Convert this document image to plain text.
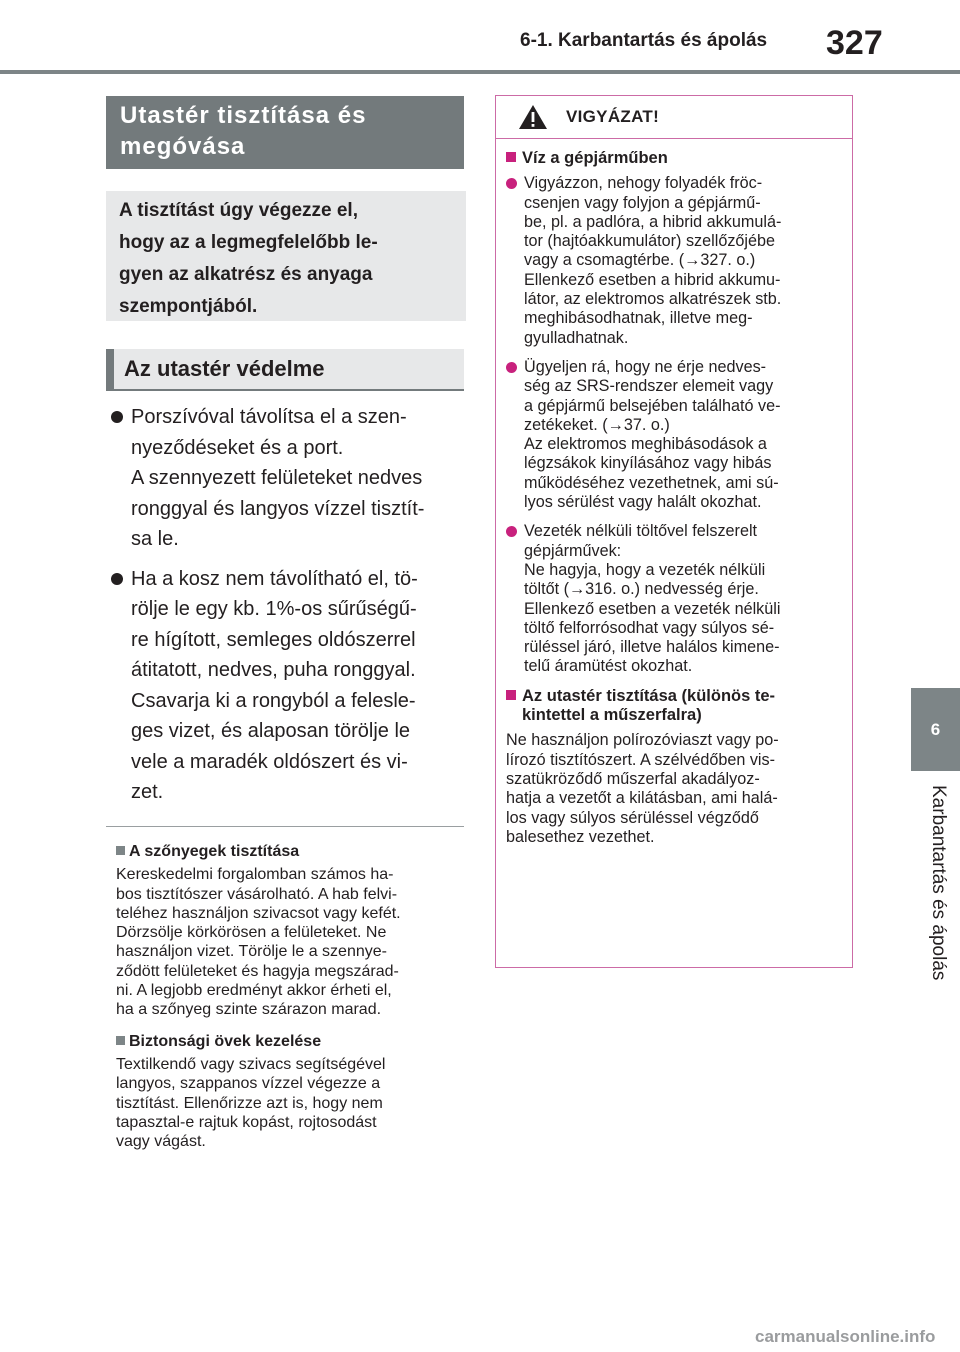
6-1. Karbantartás és ápolás 327
6
Karbantartás és ápolás
Utastér tisztítása és
megóvása
A tisztítást úgy végezze el,
hogy az a legmegfelelőbb le-
gyen az alkatrész és anyaga
szempontjából.
Az utastér védelme
Porszívóval távolítsa el a szen-
nyeződéseket és a port.
A szennyezett felületeket nedves
ronggyal és langyos vízzel tisztít-
sa le.
Ha a kosz nem távolítható el, tö-
rölje le egy kb. 1%-os sűrűségű-
re hígított, semleges oldószerrel
átitatott, nedves, puha ronggyal.
Csavarja ki a rongyból a felesle-
ges vizet, és alaposan törölje le
vele a maradék oldószert és vi-
zet.
A szőnyegek tisztítása
Kereskedelmi forgalomban számos ha-
bos tisztítószer vásárolható. A hab felvi-
teléhez használjon szivacsot vagy kefét.
Dörzsölje körkörösen a felületeket. Ne
használjon vizet. Törölje le a szennye-
ződött felületeket és hagyja megszárad-
ni. A legjobb eredményt akkor érheti el,
ha a szőnyeg szinte szárazon marad.
Biztonsági övek kezelése
Textilkendő vagy szivacs segítségével
langyos, szappanos vízzel végezze a
tisztítást. Ellenőrizze azt is, hogy nem
tapasztal-e rajtuk kopást, rojtosodást
vagy vágást.
VIGYÁZAT!
Víz a gépjárműben
Vigyázzon, nehogy folyadék fröc-
csenjen vagy folyjon a gépjármű-
be, pl. a padlóra, a hibrid akkumulá-
tor (hajtóakkumulátor) szellőzőjébe
vagy a csomagtérbe. (→327. o.)
Ellenkező esetben a hibrid akkumu-
látor, az elektromos alkatrészek stb.
meghibásodhatnak, illetve meg-
gyulladhatnak.
Ügyeljen rá, hogy ne érje nedves-
ség az SRS-rendszer elemeit vagy
a gépjármű belsejében található ve-
zetékeket. (→37. o.)
Az elektromos meghibásodások a
légzsákok kinyílásához vagy hibás
működéséhez vezethetnek, ami sú-
lyos sérülést vagy halált okozhat.
Vezeték nélküli töltővel felszerelt
gépjárművek:
Ne hagyja, hogy a vezeték nélküli
töltőt (→316. o.) nedvesség érje.
Ellenkező esetben a vezeték nélküli
töltő felforrósodhat vagy súlyos sé-
rüléssel járó, illetve halálos kimene-
telű áramütést okozhat.
Az utastér tisztítása (különös te-
kintettel a műszerfalra)
Ne használjon polírozóviaszt vagy po-
lírozó tisztítószert. A szélvédőben vis-
szatükröződő műszerfal akadályoz-
hatja a vezetőt a kilátásban, ami halá-
los vagy súlyos sérüléssel végződő
balesethez vezethet.
carmanualsonline.info
